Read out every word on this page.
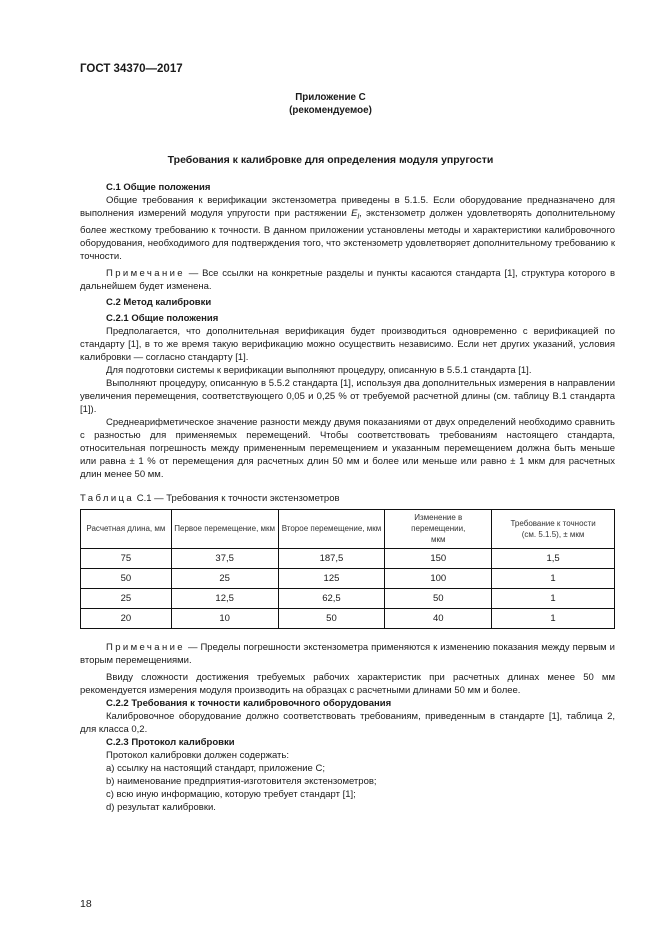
ГОСТ 34370—2017
Приложение С
(рекомендуемое)
Требования к калибровке для определения модуля упругости

С.1 Общие положения

Общие требования к верификации экстензометра приведены в 5.1.5. Если оборудование предназначено для выполнения измерений модуля упругости при растяжении $E_l$, экстензометр должен удовлетворять дополнительному более жесткому требованию к точности. В данном приложении установлены методы и характеристики калибровочного оборудования, необходимого для подтверждения того, что экстензометр удовлетворяет дополнительному требованию к точности.

Примечание — Все ссылки на конкретные разделы и пункты касаются стандарта [1], структура которого в дальнейшем будет изменена.

С.2 Метод калибровки

С.2.1 Общие положения

Предполагается, что дополнительная верификация будет производиться одновременно с верификацией по стандарту [1], в то же время такую верификацию можно осуществить независимо. Если нет других указаний, условия калибровки — согласно стандарту [1].

Для подготовки системы к верификации выполняют процедуру, описанную в 5.5.1 стандарта [1].

Выполняют процедуру, описанную в 5.5.2 стандарта [1], используя два дополнительных измерения в направлении увеличения перемещения, соответствующего 0,05 и 0,25 % от требуемой расчетной длины (см. таблицу В.1 стандарта [1]).

Среднеарифметическое значение разности между двумя показаниями от двух определений необходимо сравнить с разностью для применяемых перемещений. Чтобы соответствовать требованиям настоящего стандарта, относительная погрешность между примененным перемещением и указанным перемещением должна быть меньше или равна ± 1 % от перемещения для расчетных длин 50 мм и более или меньше или равно ± 1 мкм для расчетных длин менее 50 мм.

Таблица С.1 — Требования к точности экстензометров

Расчетная длина, мм	Первое перемещение, мкм	Второе перемещение, мкм	Изменение в перемещении, мкм	Требование к точности (см. 5.1.5), ± мкм
75	37,5	187,5	150	1,5
50	25	125	100	1
25	12,5	62,5	50	1
20	10	50	40	1

Примечание — Пределы погрешности экстензометра применяются к изменению показания между первым и вторым перемещениями.

Ввиду сложности достижения требуемых рабочих характеристик при расчетных длинах менее 50 мм рекомендуется измерения модуля производить на образцах с расчетными длинами 50 мм и более.

С.2.2 Требования к точности калибровочного оборудования

Калибровочное оборудование должно соответствовать требованиям, приведенным в стандарте [1], таблица 2, для класса 0,2.

С.2.3 Протокол калибровки

Протокол калибровки должен содержать:

a) ссылку на настоящий стандарт, приложение С;

b) наименование предприятия-изготовителя экстензометров;

c) всю иную информацию, которую требует стандарт [1];

d) результат калибровки.

18
